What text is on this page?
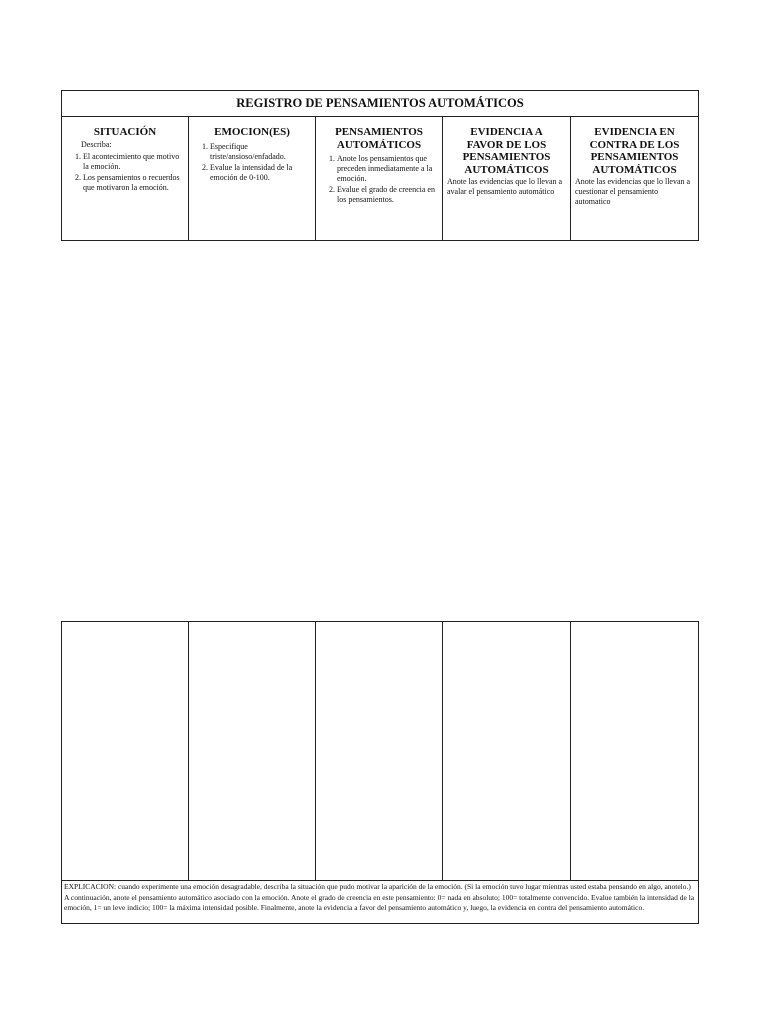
REGISTRO DE PENSAMIENTOS AUTOMÁTICOS
SITUACIÓN
Describa:
1. El acontecimiento que motivo la emoción.
2. Los pensamientos o recuerdos que motivaron la emoción.
EMOCION(ES)
1. Especifique triste/ansioso/enfadado.
2. Evalue la intensidad de la emoción de 0-100.
PENSAMIENTOS AUTOMÁTICOS
1. Anote los pensamientos que preceden inmediatamente a la emoción.
2. Evalue el grado de creencia en los pensamientos.
EVIDENCIA A FAVOR DE LOS PENSAMIENTOS AUTOMÁTICOS
Anote las evidencias que lo llevan a avalar el pensamiento automático
EVIDENCIA EN CONTRA DE LOS PENSAMIENTOS AUTOMÁTICOS
Anote las evidencias que lo llevan a cuestionar el pensamiento automatico
EXPLICACION: cuando experimente una emoción desagradable, describa la situación que pudo motivar la aparición de la emoción. (Si la emoción tuvo lugar mientras usted estaba pensando en algo, anotelo.) A continuación, anote el pensamiento automático asociado con la emoción. Anote el grado de creencia en este pensamiento: 0= nada en absoluto; 100= totalmente convencido. Evalue también la intensidad de la emoción, 1= un leve indicio; 100= la máxima intensidad posible. Finalmente, anote la evidencia a favor del pensamiento automático y, luego, la evidencia en contra del pensamiento automático.
